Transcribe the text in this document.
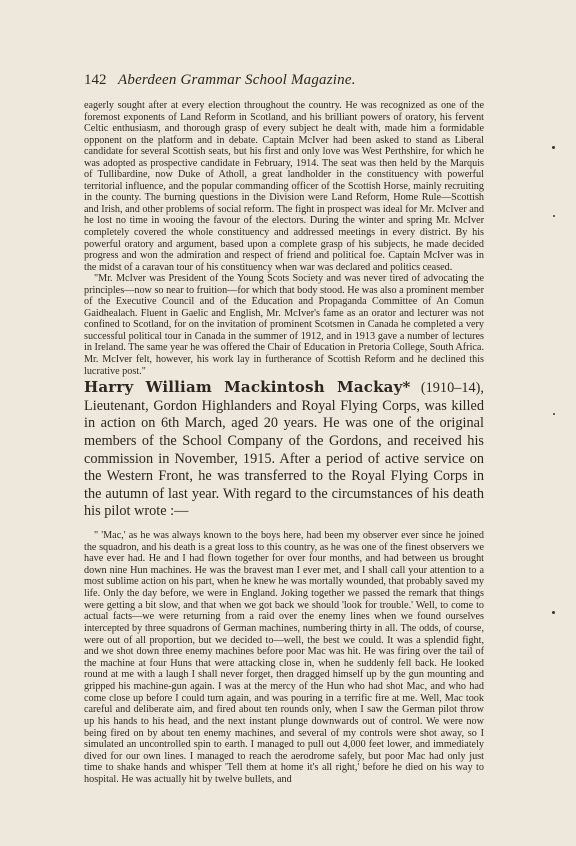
142 Aberdeen Grammar School Magazine.

eagerly sought after at every election throughout the country. He was recognized as one of the foremost exponents of Land Reform in Scotland, and his brilliant powers of oratory, his fervent Celtic enthusiasm, and thorough grasp of every subject he dealt with, made him a formidable opponent on the platform and in debate. Captain McIver had been asked to stand as Liberal candidate for several Scottish seats, but his first and only love was West Perthshire, for which he was adopted as prospective candidate in February, 1914. The seat was then held by the Marquis of Tullibardine, now Duke of Atholl, a great landholder in the constituency with powerful territorial influence, and the popular commanding officer of the Scottish Horse, mainly recruiting in the county. The burning questions in the Division were Land Reform, Home Rule—Scottish and Irish, and other problems of social reform. The fight in prospect was ideal for Mr. McIver and he lost no time in wooing the favour of the electors. During the winter and spring Mr. McIver completely covered the whole constituency and addressed meetings in every district. By his powerful oratory and argument, based upon a complete grasp of his subjects, he made decided progress and won the admiration and respect of friend and political foe. Captain McIver was in the midst of a caravan tour of his constituency when war was declared and politics ceased.

"Mr. McIver was President of the Young Scots Society and was never tired of advocating the principles—now so near to fruition—for which that body stood. He was also a prominent member of the Executive Council and of the Education and Propaganda Committee of An Comun Gaidhealach. Fluent in Gaelic and English, Mr. McIver's fame as an orator and lecturer was not confined to Scotland, for on the invitation of prominent Scotsmen in Canada he completed a very successful political tour in Canada in the summer of 1912, and in 1913 gave a number of lectures in Ireland. The same year he was offered the Chair of Education in Pretoria College, South Africa. Mr. McIver felt, however, his work lay in furtherance of Scottish Reform and he declined this lucrative post."

Harry William Mackintosh Mackay* (1910–14), Lieutenant, Gordon Highlanders and Royal Flying Corps, was killed in action on 6th March, aged 20 years. He was one of the original members of the School Company of the Gordons, and received his commission in November, 1915. After a period of active service on the Western Front, he was transferred to the Royal Flying Corps in the autumn of last year. With regard to the circumstances of his death his pilot wrote :—

" 'Mac,' as he was always known to the boys here, had been my observer ever since he joined the squadron, and his death is a great loss to this country, as he was one of the finest observers we have ever had. He and I had flown together for over four months, and had between us brought down nine Hun machines. He was the bravest man I ever met, and I shall call your attention to a most sublime action on his part, when he knew he was mortally wounded, that probably saved my life. Only the day before, we were in England. Joking together we passed the remark that things were getting a bit slow, and that when we got back we should 'look for trouble.' Well, to come to actual facts—we were returning from a raid over the enemy lines when we found ourselves intercepted by three squadrons of German machines, numbering thirty in all. The odds, of course, were out of all proportion, but we decided to—well, the best we could. It was a splendid fight, and we shot down three enemy machines before poor Mac was hit. He was firing over the tail of the machine at four Huns that were attacking close in, when he suddenly fell back. He looked round at me with a laugh I shall never forget, then dragged himself up by the gun mounting and gripped his machine-gun again. I was at the mercy of the Hun who had shot Mac, and who had come close up before I could turn again, and was pouring in a terrific fire at me. Well, Mac took careful and deliberate aim, and fired about ten rounds only, when I saw the German pilot throw up his hands to his head, and the next instant plunge downwards out of control. We were now being fired on by about ten enemy machines, and several of my controls were shot away, so I simulated an uncontrolled spin to earth. I managed to pull out 4,000 feet lower, and immediately dived for our own lines. I managed to reach the aerodrome safely, but poor Mac had only just time to shake hands and whisper 'Tell them at home it's all right,' before he died on his way to hospital. He was actually hit by twelve bullets, and
